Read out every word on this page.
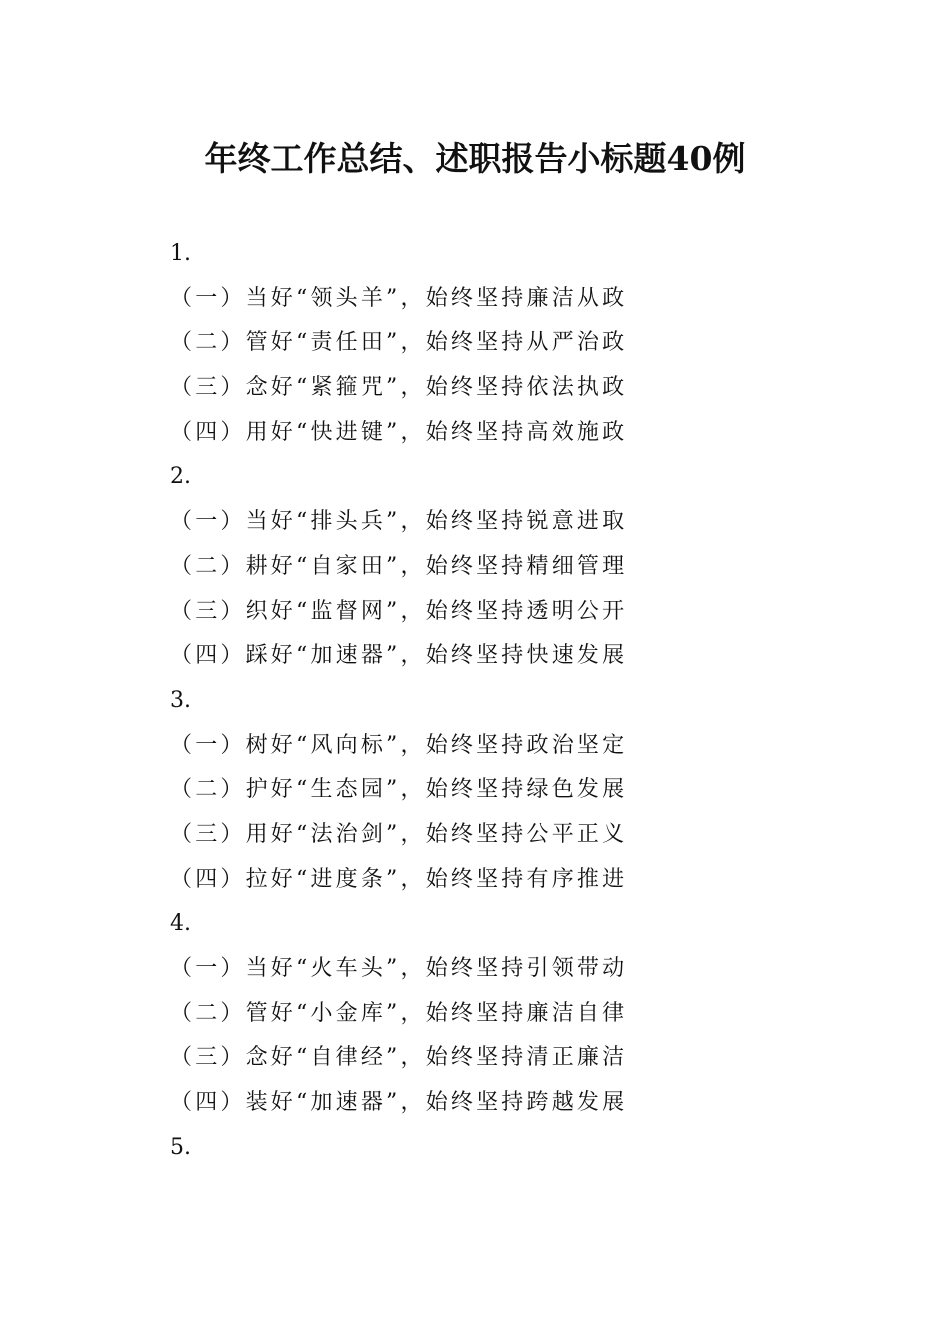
年终工作总结、述职报告小标题40例
1.
（一）当好“领头羊”，始终坚持廉洁从政
（二）管好“责任田”，始终坚持从严治政
（三）念好“紧箍咒”，始终坚持依法执政
（四）用好“快进键”，始终坚持高效施政
2.
（一）当好“排头兵”，始终坚持锐意进取
（二）耕好“自家田”，始终坚持精细管理
（三）织好“监督网”，始终坚持透明公开
（四）踩好“加速器”，始终坚持快速发展
3.
（一）树好“风向标”，始终坚持政治坚定
（二）护好“生态园”，始终坚持绿色发展
（三）用好“法治剑”，始终坚持公平正义
（四）拉好“进度条”，始终坚持有序推进
4.
（一）当好“火车头”，始终坚持引领带动
（二）管好“小金库”，始终坚持廉洁自律
（三）念好“自律经”，始终坚持清正廉洁
（四）装好“加速器”，始终坚持跨越发展
5.
